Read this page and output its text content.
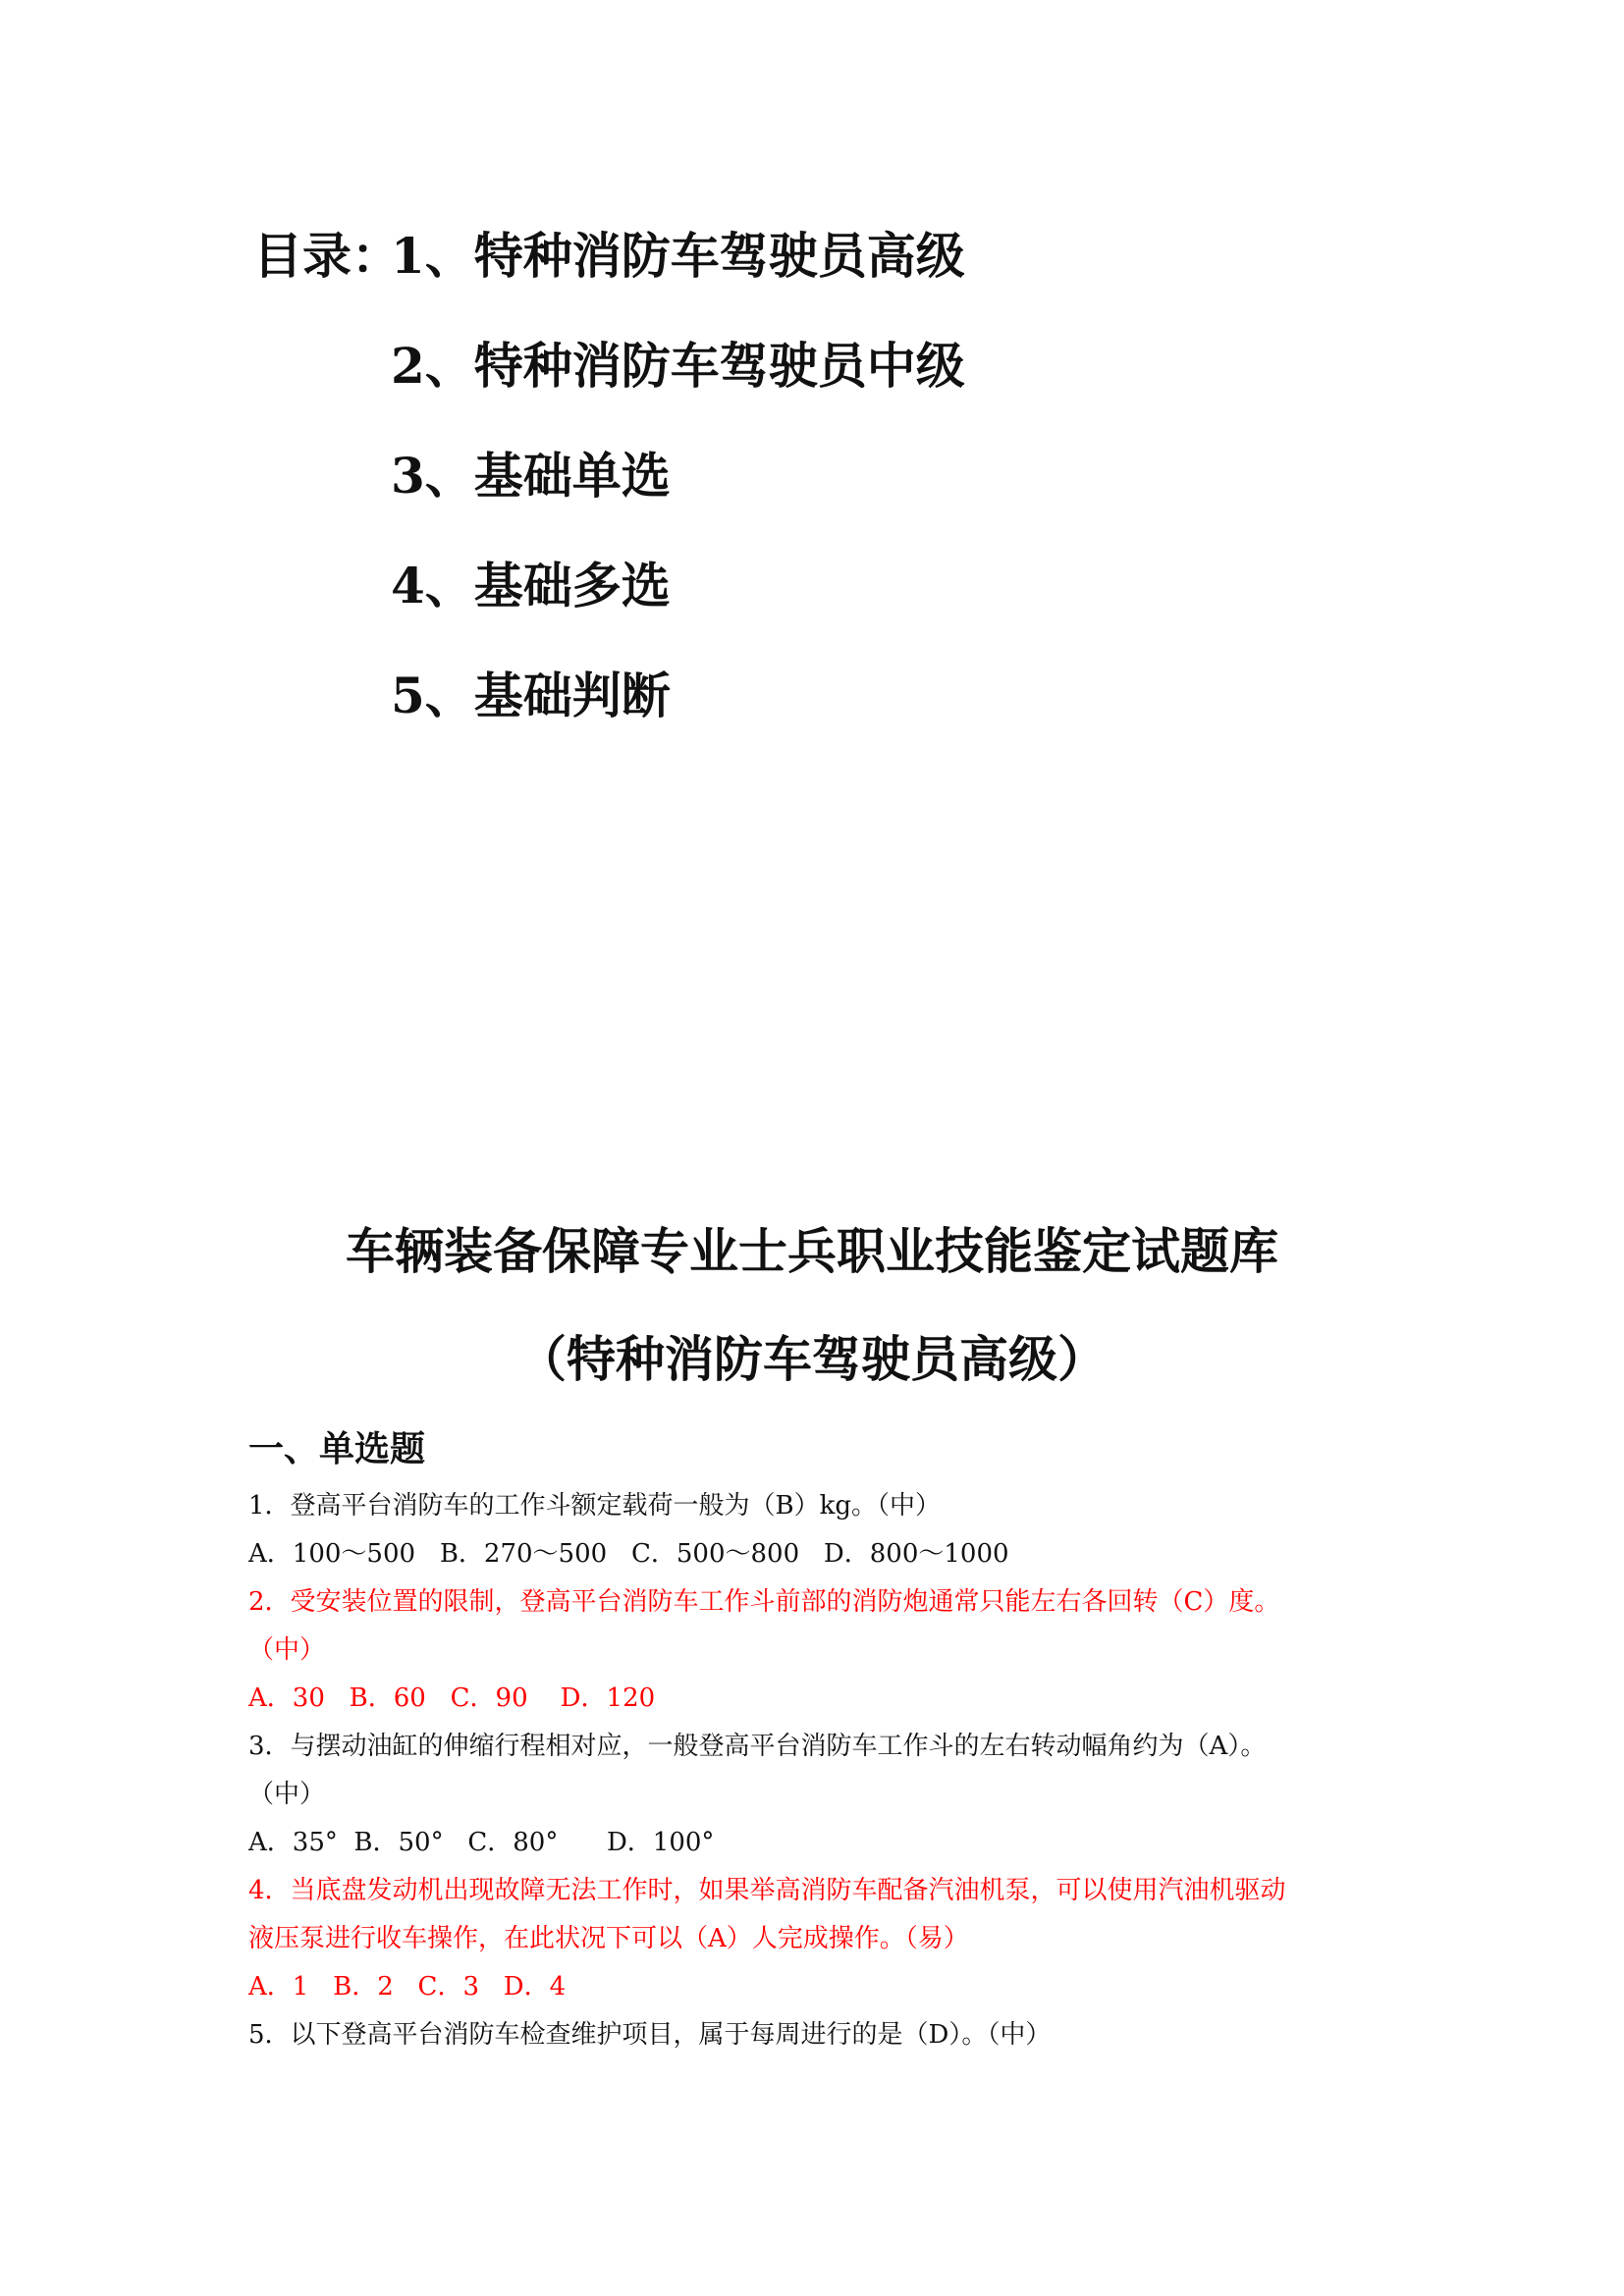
目录：
1、特种消防车驾驶员高级
2、特种消防车驾驶员中级
3、基础单选
4、基础多选
5、基础判断
车辆装备保障专业士兵职业技能鉴定试题库
（特种消防车驾驶员高级）
一、单选题
1．登高平台消防车的工作斗额定载荷一般为（B）kg。（中）
A．100～500   B．270～500   C．500～800   D．800～1000
2．受安装位置的限制，登高平台消防车工作斗前部的消防炮通常只能左右各回转（C）度。
（中）
A．30   B．60   C．90    D．120
3．与摆动油缸的伸缩行程相对应，一般登高平台消防车工作斗的左右转动幅角约为（A）。
（中）
A．35°  B．50°   C．80°      D．100°
4．当底盘发动机出现故障无法工作时，如果举高消防车配备汽油机泵，可以使用汽油机驱动
液压泵进行收车操作，在此状况下可以（A）人完成操作。（易）
A．1   B．2   C．3   D．4
5．以下登高平台消防车检查维护项目，属于每周进行的是（D）。（中）
